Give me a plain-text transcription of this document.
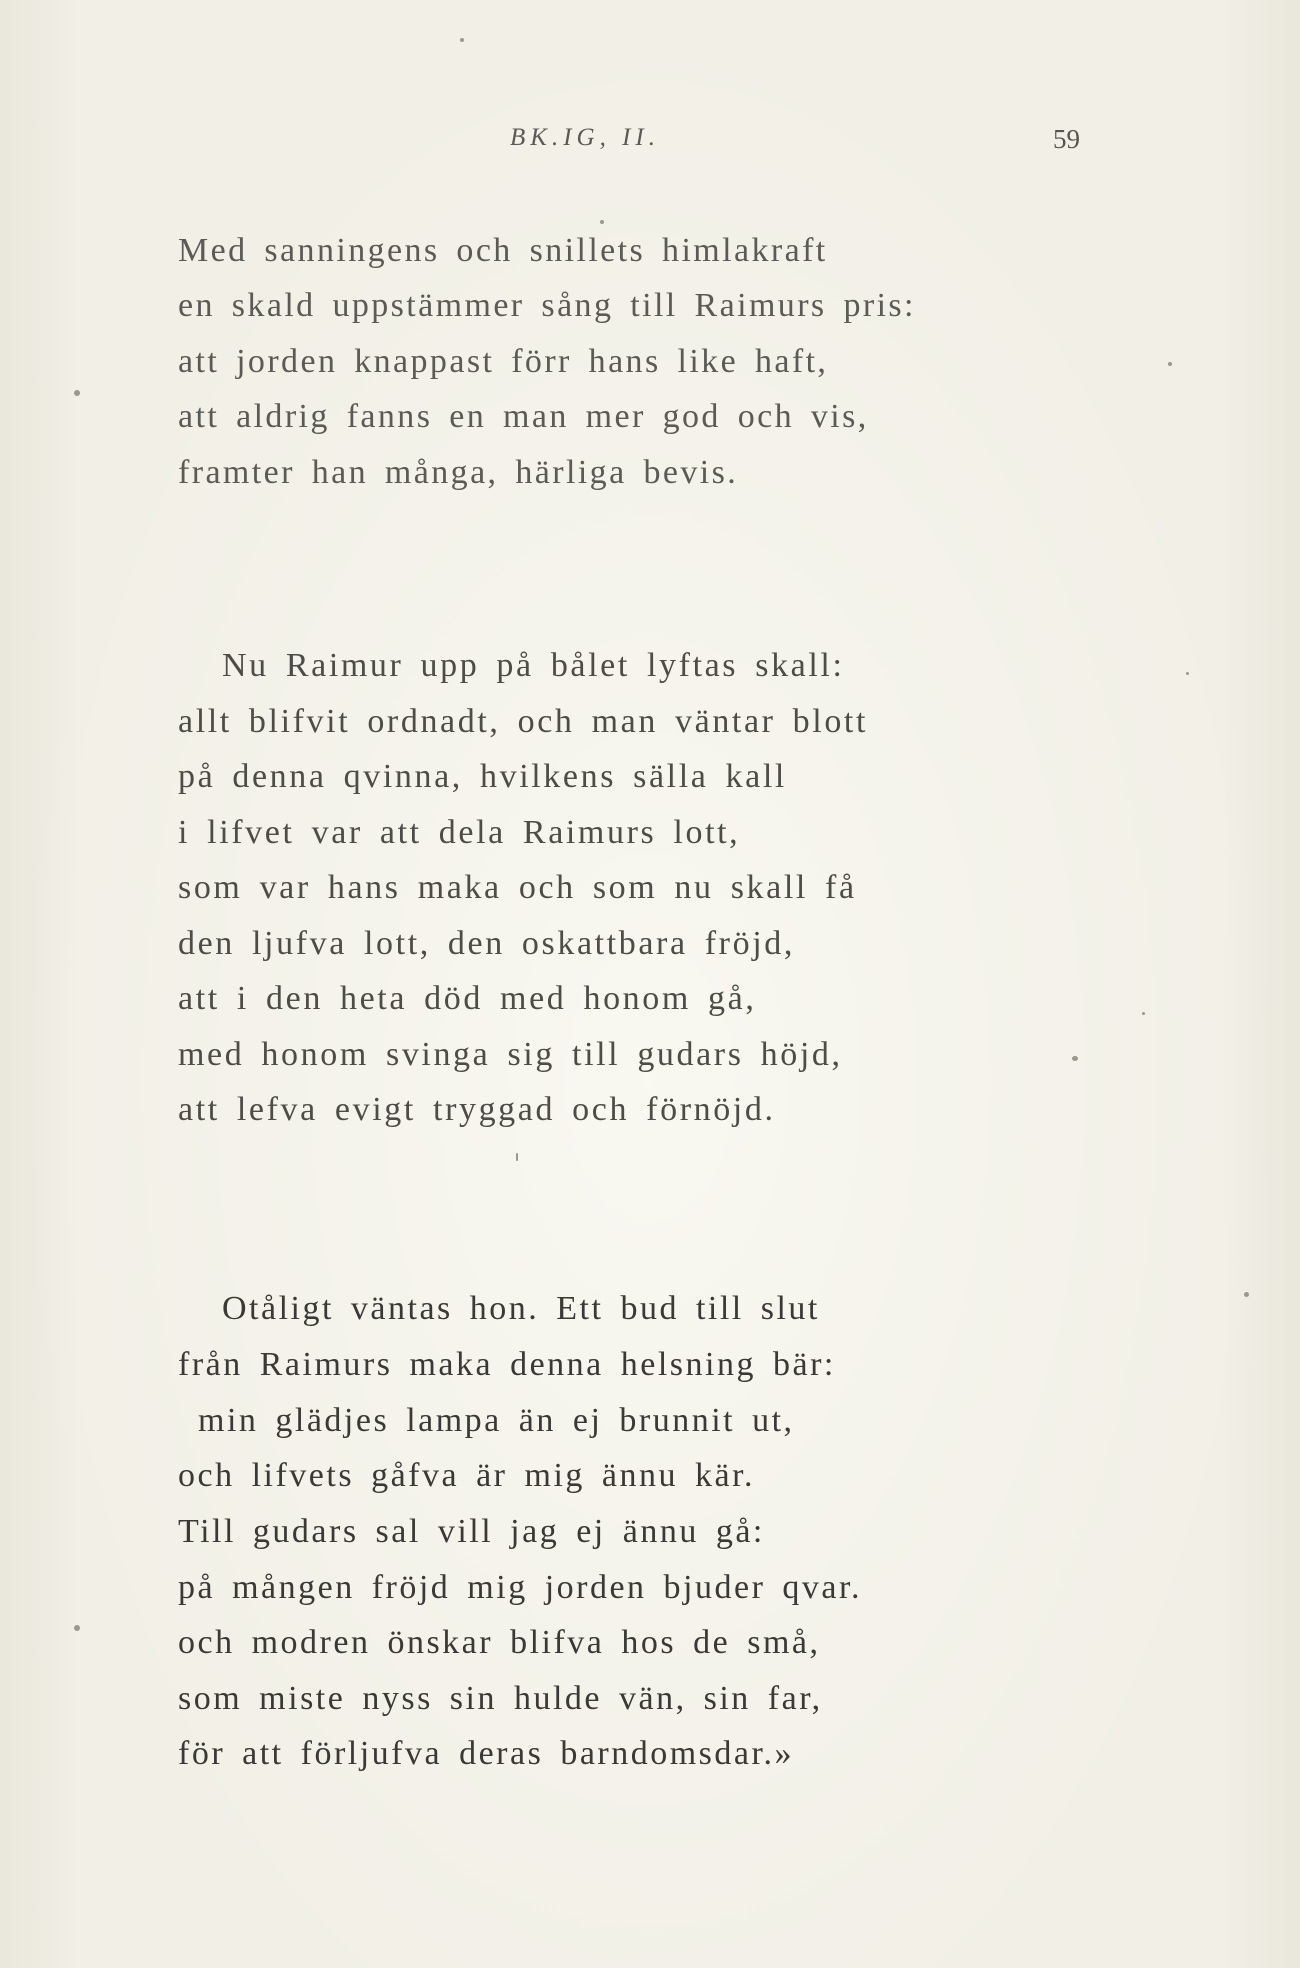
BK.IG, II.	59
Med sanningens och snillets himlakraft
en skald uppstämmer sång till Raimurs pris:
att jorden knappast förr hans like haft,
att aldrig fanns en man mer god och vis,
framter han många, härliga bevis.
Nu Raimur upp på bålet lyftas skall:
allt blifvit ordnadt, och man väntar blott
på denna qvinna, hvilkens sälla kall
i lifvet var att dela Raimurs lott,
som var hans maka och som nu skall få
den ljufva lott, den oskattbara fröjd,
att i den heta död med honom gå,
med honom svinga sig till gudars höjd,
att lefva evigt tryggad och förnöjd.
Otåligt väntas hon. Ett bud till slut
från Raimurs maka denna helsning bär:
min glädjes lampa än ej brunnit ut,
och lifvets gåfva är mig ännu kär.
Till gudars sal vill jag ej ännu gå:
på mången fröjd mig jorden bjuder qvar.
och modren önskar blifva hos de små,
som miste nyss sin hulde vän, sin far,
för att förljufva deras barndomsdar.»
